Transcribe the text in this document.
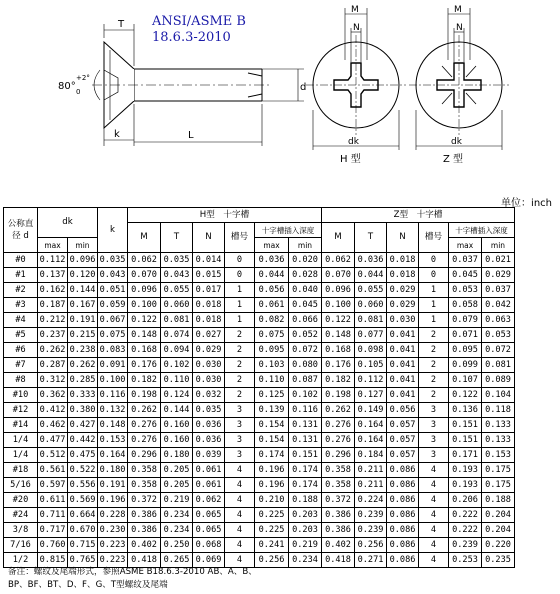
T
d
k	L
80°
+2°
0
M
N
dk
H 型
M
N
dk
Z 型
ANSI/ASME B
18.6.3-2010
单位：inch
公称直径 d	dk		k	H型　十字槽						Z型　十字槽					
				M	T	N	槽号	十字槽插入深度		M	T	N	槽号	十字槽插入深度	
	max	min						max	min					max	min
#0	0.112	0.096	0.035	0.062	0.035	0.014	0	0.036	0.020	0.062	0.036	0.018	0	0.037	0.021
#1	0.137	0.120	0.043	0.070	0.043	0.015	0	0.044	0.028	0.070	0.044	0.018	0	0.045	0.029
#2	0.162	0.144	0.051	0.096	0.055	0.017	1	0.056	0.040	0.096	0.055	0.029	1	0.053	0.037
#3	0.187	0.167	0.059	0.100	0.060	0.018	1	0.061	0.045	0.100	0.060	0.029	1	0.058	0.042
#4	0.212	0.191	0.067	0.122	0.081	0.018	1	0.082	0.066	0.122	0.081	0.030	1	0.079	0.063
#5	0.237	0.215	0.075	0.148	0.074	0.027	2	0.075	0.052	0.148	0.077	0.041	2	0.071	0.053
#6	0.262	0.238	0.083	0.168	0.094	0.029	2	0.095	0.072	0.168	0.098	0.041	2	0.095	0.072
#7	0.287	0.262	0.091	0.176	0.102	0.030	2	0.103	0.080	0.176	0.105	0.041	2	0.099	0.081
#8	0.312	0.285	0.100	0.182	0.110	0.030	2	0.110	0.087	0.182	0.112	0.041	2	0.107	0.089
#10	0.362	0.333	0.116	0.198	0.124	0.032	2	0.125	0.102	0.198	0.127	0.041	2	0.122	0.104
#12	0.412	0.380	0.132	0.262	0.144	0.035	3	0.139	0.116	0.262	0.149	0.056	3	0.136	0.118
#14	0.462	0.427	0.148	0.276	0.160	0.036	3	0.154	0.131	0.276	0.164	0.057	3	0.151	0.133
1/4	0.477	0.442	0.153	0.276	0.160	0.036	3	0.154	0.131	0.276	0.164	0.057	3	0.151	0.133
1/4	0.512	0.475	0.164	0.296	0.180	0.039	3	0.174	0.151	0.296	0.184	0.057	3	0.171	0.153
#18	0.561	0.522	0.180	0.358	0.205	0.061	4	0.196	0.174	0.358	0.211	0.086	4	0.193	0.175
5/16	0.597	0.556	0.191	0.358	0.205	0.061	4	0.196	0.174	0.358	0.211	0.086	4	0.193	0.175
#20	0.611	0.569	0.196	0.372	0.219	0.062	4	0.210	0.188	0.372	0.224	0.086	4	0.206	0.188
#24	0.711	0.664	0.228	0.386	0.234	0.065	4	0.225	0.203	0.386	0.239	0.086	4	0.222	0.204
3/8	0.717	0.670	0.230	0.386	0.234	0.065	4	0.225	0.203	0.386	0.239	0.086	4	0.222	0.204
7/16	0.760	0.715	0.223	0.402	0.250	0.068	4	0.241	0.219	0.402	0.256	0.086	4	0.239	0.220
1/2	0.815	0.765	0.223	0.418	0.265	0.069	4	0.256	0.234	0.418	0.271	0.086	4	0.253	0.235
备注：螺纹及尾端形式，参照ASME B18.6.3-2010 AB、A、B、
BP、BF、BT、D、F、G、T型螺纹及尾端
